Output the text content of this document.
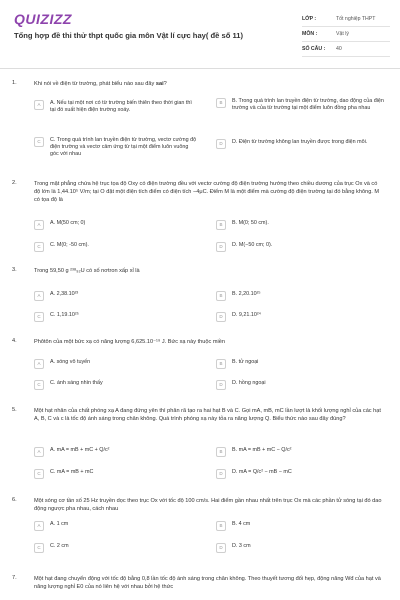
QUIZIZZ
Tổng hợp đề thi thử thpt quốc gia môn Vật lí cực hay( đề số 11)
LỚP :	Tốt nghiệp THPT
MÔN :	Vật lý
SỐ CÂU :	40
1.	Khi nói về điện từ trường, phát biểu nào sau đây sai?
A	A. Nếu tại một nơi có từ trường biến thiên theo thời gian thì tại đó xuất hiện điện trường xoáy.
B	B. Trong quá trình lan truyền điện từ trường, dao động của điện trường và của từ trường tại một điểm luôn đồng pha nhau
C	C. Trong quá trình lan truyền điện từ trường, vectơ cường độ điện trường và vectơ cảm ứng từ tại một điểm luôn vuông góc với nhau
D	D. Điện từ trường không lan truyền được trong điện môi.
2.	Trong mặt phẳng chứa hệ trục tọa độ Oxy có điện trường đều với vectơ cường độ điện trường hướng theo chiều dương của trục Ox và có độ lớn là 1,44.10⁵ V/m; tại O đặt một điện tích điểm có điện tích −4μC. Điểm M là một điểm mà cường độ điện trường tại đó bằng không. M có tọa độ là
A	A. M(50 cm; 0)	B	B. M(0; 50 cm).
C	C. M(0; -50 cm).	D	D. M(−50 cm; 0).
3.	Trong 59,50 g ²³⁸₉₂U có số nơtron xấp xỉ là
A	A. 2,38.10²³	B	B. 2,20.10²⁵
C	C. 1,19.10²⁵	D	D. 9,21.10²⁴
4.	Phôtôn của một bức xạ có năng lượng 6,625.10⁻¹⁹ J. Bức xạ này thuộc miền
A	A. sóng vô tuyến	B	B. tử ngoại
C	C. ánh sáng nhìn thấy	D	D. hồng ngoại
5.	Một hạt nhân của chất phóng xạ A đang đứng yên thì phân rã tạo ra hai hạt B và C. Gọi mA, mB, mC lần lượt là khối lượng nghỉ của các hạt A, B, C và c là tốc độ ánh sáng trong chân không. Quá trình phóng xạ này tỏa ra năng lượng Q. Biểu thức nào sau đây đúng?
A	A. mA = mB + mC + Q/c²	B	B. mA = mB + mC − Q/c²
C	C. mA = mB + mC	D	D. mA = Q/c² − mB − mC
6.	Một sóng cơ tần số 25 Hz truyền dọc theo trục Ox với tốc độ 100 cm/s. Hai điểm gần nhau nhất trên trục Ox mà các phần tử sóng tại đó dao động ngược pha nhau, cách nhau
A	A. 1 cm	B	B. 4 cm
C	C. 2 cm	D	D. 3 cm
7.	Một hạt đang chuyển động với tốc độ bằng 0,8 lần tốc độ ánh sáng trong chân không. Theo thuyết tương đối hẹp, động năng Wđ của hạt và năng lượng nghỉ E0 của nó liên hệ với nhau bởi hệ thức
